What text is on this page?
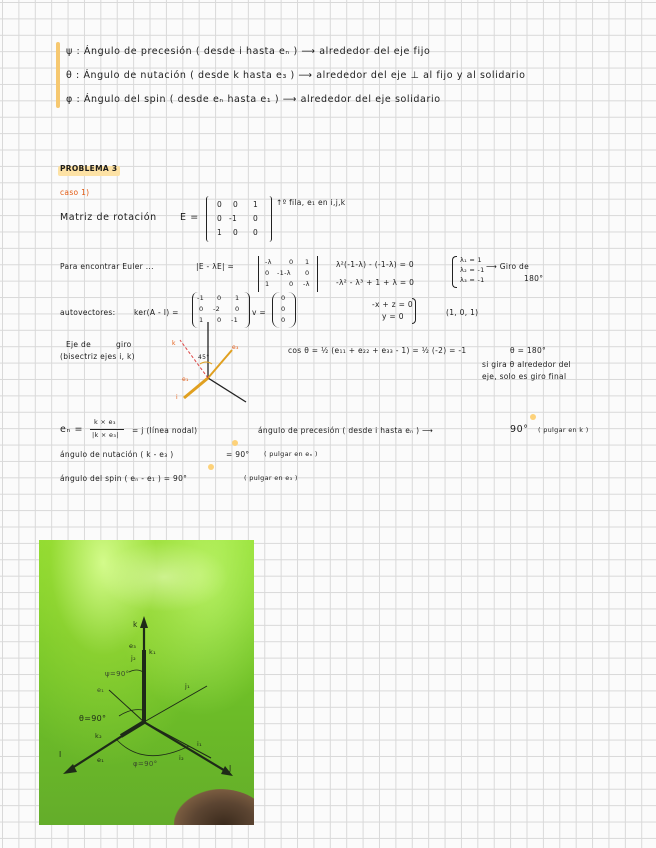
ψ : Ángulo de precesión ( desde i hasta eₙ ) ⟶ alrededor del eje fijo
θ : Ángulo de nutación ( desde k hasta e₃ ) ⟶ alrededor del eje ⊥ al fijo y al solidario
φ : Ángulo del spin ( desde eₙ hasta e₁ ) ⟶ alrededor del eje solidario
PROBLEMA 3
caso 1)
Matriz de rotación E =
0 0 1
0 -1 0
1 0 0
↑º fila, e₁ en i,j,k
Para encontrar Euler ...	|E - λE| =	-λ	0 1
0 -1-λ 0
1	0 -λ
λ²(-1-λ) - (-1-λ) = 0
-λ² - λ³ + 1 + λ = 0
λ₁ = 1
λ₂ = -1
λ₃ = -1
⟶ Giro de
180°
autovectores: ker(A - I) =
-1 0 1
0 -2 0
1 0 -1
v =
0
0
0
-x + z = 0
y = 0	(1, 0, 1)
Eje de	giro
(bisectriz ejes i, k)
k
45°
e₃
e₁
i
cos θ = ½ (e₁₁ + e₂₂ + e₃₃ - 1) = ½ (-2) = -1	θ = 180°
si gira θ alrededor del
eje, solo es giro final
eₙ =
k × e₃
|k × e₃| = j (línea nodal)	ángulo de precesión ( desde i hasta eₙ ) ⟶	90° ( pulgar en k )
ángulo de nutación ( k - e₃ )	= 90° ( pulgar en eₙ )
ángulo del spin ( eₙ - e₁ ) = 90°	( pulgar en e₃ )
k
I
J
e₃
j₂
k₁
ψ=90°
e₁	j₁
θ=90°
k₂
i₁
e₁	φ=90°
i₂
